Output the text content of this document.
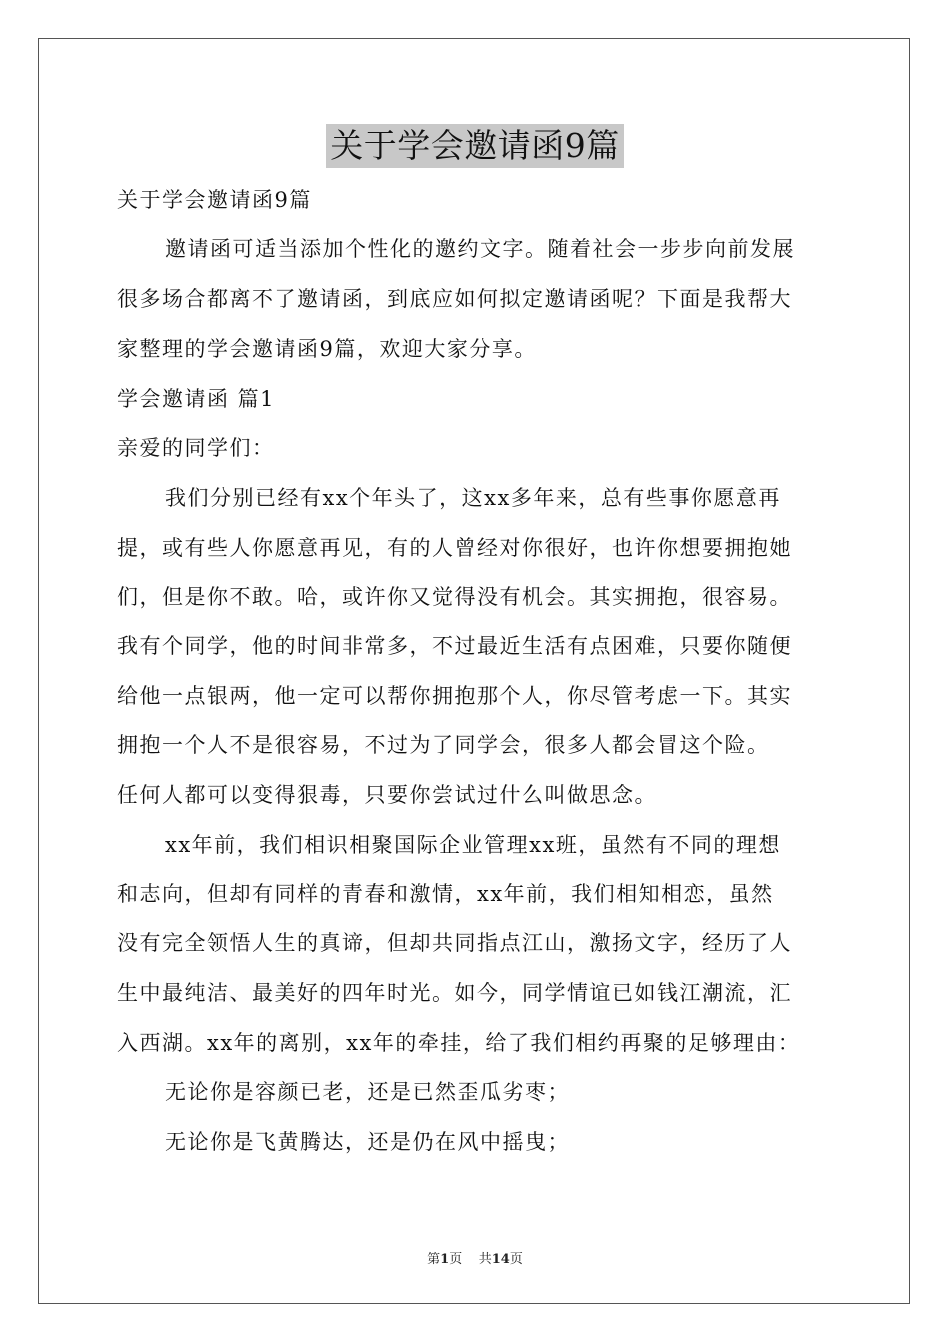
关于学会邀请函9篇
关于学会邀请函9篇
邀请函可适当添加个性化的邀约文字。随着社会一步步向前发展
很多场合都离不了邀请函，到底应如何拟定邀请函呢？下面是我帮大
家整理的学会邀请函9篇，欢迎大家分享。
学会邀请函 篇1
亲爱的同学们：
我们分别已经有xx个年头了，这xx多年来，总有些事你愿意再
提，或有些人你愿意再见，有的人曾经对你很好，也许你想要拥抱她
们，但是你不敢。哈，或许你又觉得没有机会。其实拥抱，很容易。
我有个同学，他的时间非常多，不过最近生活有点困难，只要你随便
给他一点银两，他一定可以帮你拥抱那个人，你尽管考虑一下。其实
拥抱一个人不是很容易，不过为了同学会，很多人都会冒这个险。
任何人都可以变得狠毒，只要你尝试过什么叫做思念。
xx年前，我们相识相聚国际企业管理xx班，虽然有不同的理想
和志向，但却有同样的青春和激情，xx年前，我们相知相恋，虽然
没有完全领悟人生的真谛，但却共同指点江山，激扬文字，经历了人
生中最纯洁、最美好的四年时光。如今，同学情谊已如钱江潮流，汇
入西湖。xx年的离别，xx年的牵挂，给了我们相约再聚的足够理由：
无论你是容颜已老，还是已然歪瓜劣枣；
无论你是飞黄腾达，还是仍在风中摇曳；
第1页 共14页
